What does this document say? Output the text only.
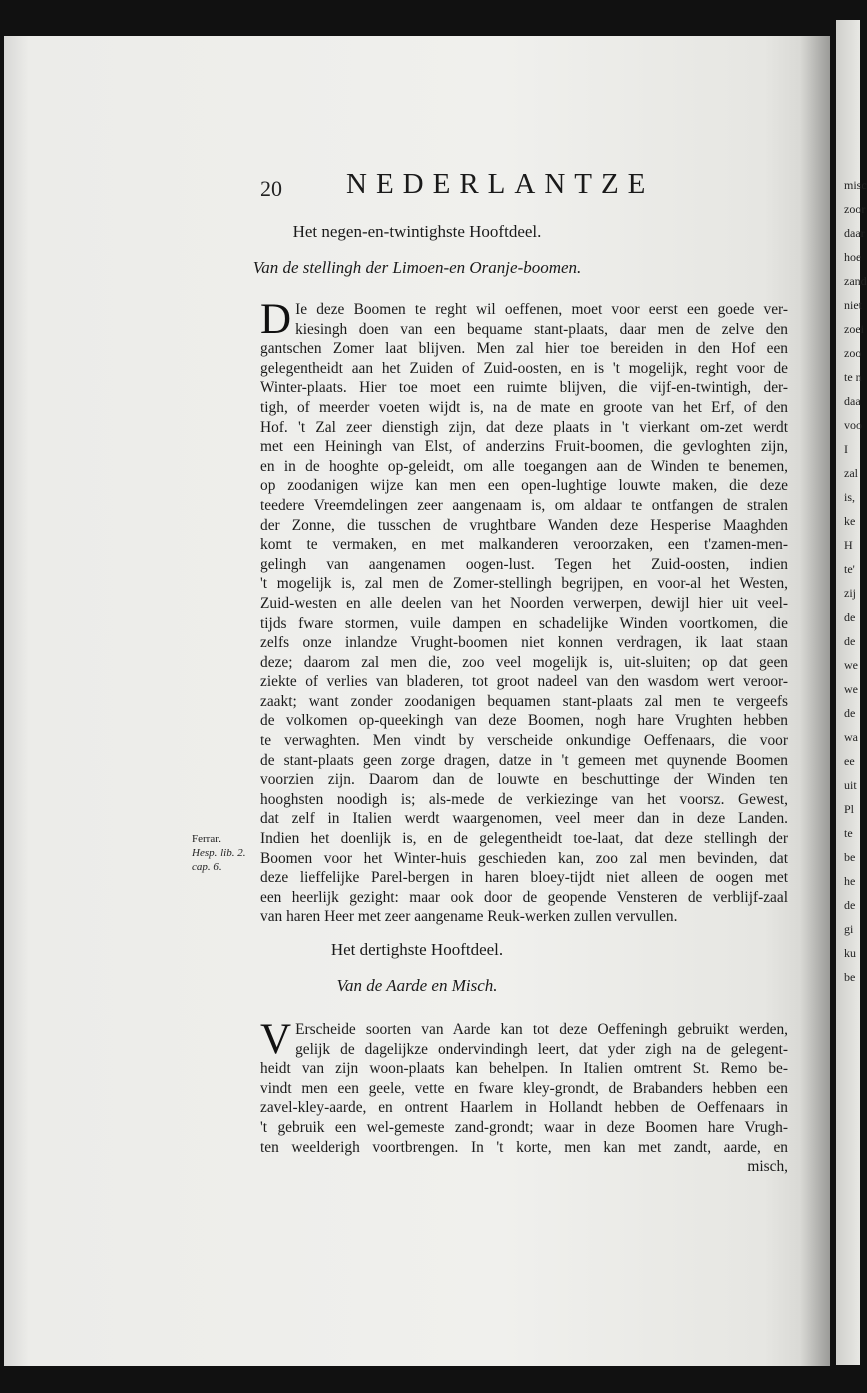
20 NEDERLANTZE
Het negen-en-twintighste Hooftdeel.
Van de stellingh der Limoen-en Oranje-boomen.
D Ie deze Boomen te reght wil oeffenen, moet voor eerst een goede ver-
kiesingh doen van een bequame stant-plaats, daar men de zelve den
gantschen Zomer laat blijven. Men zal hier toe bereiden in den Hof een
gelegentheidt aan het Zuiden of Zuid-oosten, en is 't mogelijk, reght voor de
Winter-plaats. Hier toe moet een ruimte blijven, die vijf-en-twintigh, der-
tigh, of meerder voeten wijdt is, na de mate en groote van het Erf, of den
Hof. 't Zal zeer dienstigh zijn, dat deze plaats in 't vierkant om-zet werdt
met een Heiningh van Elst, of anderzins Fruit-boomen, die gevloghten zijn,
en in de hooghte op-geleidt, om alle toegangen aan de Winden te benemen,
op zoodanigen wijze kan men een open-lughtige louwte maken, die deze
teedere Vreemdelingen zeer aangenaam is, om aldaar te ontfangen de stralen
der Zonne, die tusschen de vrughtbare Wanden deze Hesperise Maaghden
komt te vermaken, en met malkanderen veroorzaken, een t'zamen-men-
gelingh van aangenamen oogen-lust. Tegen het Zuid-oosten, indien
't mogelijk is, zal men de Zomer-stellingh begrijpen, en voor-al het Westen,
Zuid-westen en alle deelen van het Noorden verwerpen, dewijl hier uit veel-
tijds fware stormen, vuile dampen en schadelijke Winden voortkomen, die
zelfs onze inlandze Vrught-boomen niet konnen verdragen, ik laat staan
deze; daarom zal men die, zoo veel mogelijk is, uit-sluiten; op dat geen
ziekte of verlies van bladeren, tot groot nadeel van den wasdom wert veroor-
zaakt; want zonder zoodanigen bequamen stant-plaats zal men te vergeefs
de volkomen op-queekingh van deze Boomen, nogh hare Vrughten hebben
te verwaghten. Men vindt by verscheide onkundige Oeffenaars, die voor
de stant-plaats geen zorge dragen, datze in 't gemeen met quynende Boomen
voorzien zijn. Daarom dan de louwte en beschuttinge der Winden ten
hooghsten noodigh is; als-mede de verkiezinge van het voorsz. Gewest,
dat zelf in Italien werdt waargenomen, veel meer dan in deze Landen.
Indien het doenlijk is, en de gelegentheidt toe-laat, dat deze stellingh der
Boomen voor het Winter-huis geschieden kan, zoo zal men bevinden, dat
deze lieffelijke Parel-bergen in haren bloey-tijdt niet alleen de oogen met
een heerlijk gezight: maar ook door de geopende Vensteren de verblijf-zaal
van haren Heer met zeer aangename Reuk-werken zullen vervullen.
Ferrar.
Hesp. lib. 2.
cap. 6.
Het dertighste Hooftdeel.
Van de Aarde en Misch.
V Erscheide soorten van Aarde kan tot deze Oeffeningh gebruikt werden,
gelijk de dagelijkze ondervindingh leert, dat yder zigh na de gelegent-
heidt van zijn woon-plaats kan behelpen. In Italien omtrent St. Remo be-
vindt men een geele, vette en fware kley-grondt, de Brabanders hebben een
zavel-kley-aarde, en ontrent Haarlem in Hollandt hebben de Oeffenaars in
't gebruik een wel-gemeste zand-grondt; waar in deze Boomen hare Vrugh-
ten weelderigh voortbrengen. In 't korte, men kan met zandt, aarde, en
misch,
misc
zoor
daar
hoe
zand
niet
zoei
zoo
te n
daa
voo
I
zal
is,
ke
H
te'
zij
de
de
we
we
de
wa
ee
uit
Pl
te
be
he
de
gi
ku
be
